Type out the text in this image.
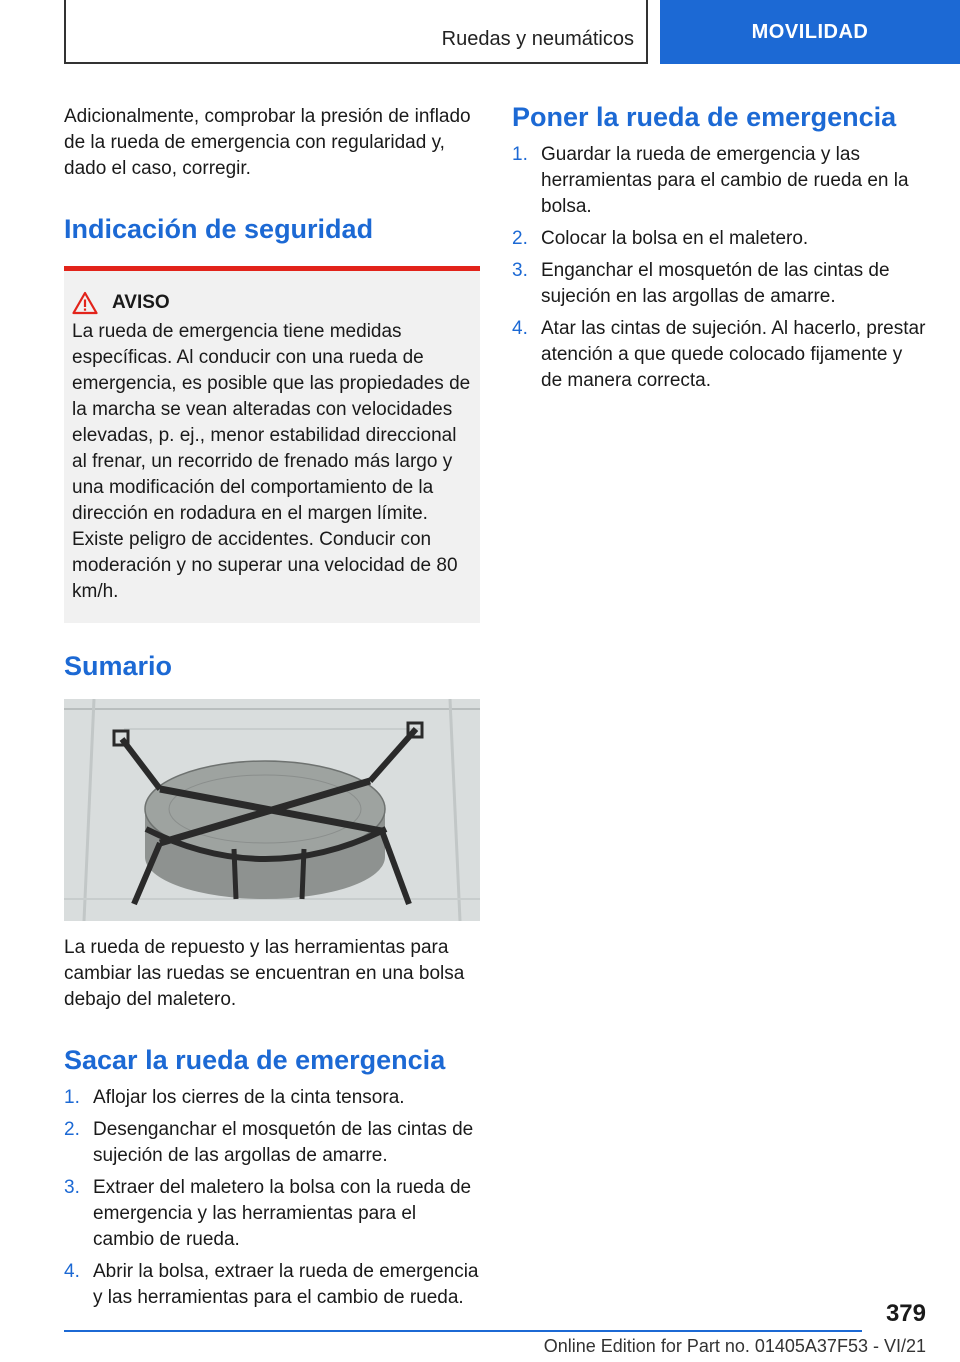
Ruedas y neumáticos	MOVILIDAD

Adicionalmente, comprobar la presión de inflado de la rueda de emergencia con regularidad y, dado el caso, corregir.

Indicación de seguridad
AVISO

La rueda de emergencia tiene medidas específicas. Al conducir con una rueda de emergencia, es posible que las propiedades de la marcha se vean alteradas con velocidades elevadas, p. ej., menor estabilidad direccional al frenar, un recorrido de frenado más largo y una modificación del comportamiento de la dirección en rodadura en el margen límite. Existe peligro de accidentes. Conducir con moderación y no superar una velocidad de 80 km/h.

Sumario

La rueda de repuesto y las herramientas para cambiar las ruedas se encuentran en una bolsa debajo del maletero.

Sacar la rueda de emergencia
1. Aflojar los cierres de la cinta tensora.
2. Desenganchar el mosquetón de las cintas de sujeción de las argollas de amarre.
3. Extraer del maletero la bolsa con la rueda de emergencia y las herramientas para el cambio de rueda.
4. Abrir la bolsa, extraer la rueda de emergencia y las herramientas para el cambio de rueda.
Poner la rueda de emergencia
1. Guardar la rueda de emergencia y las herramientas para el cambio de rueda en la bolsa.
2. Colocar la bolsa en el maletero.
3. Enganchar el mosquetón de las cintas de sujeción en las argollas de amarre.
4. Atar las cintas de sujeción. Al hacerlo, prestar atención a que quede colocado fijamente y de manera correcta.
379
Online Edition for Part no. 01405A37F53 - VI/21
